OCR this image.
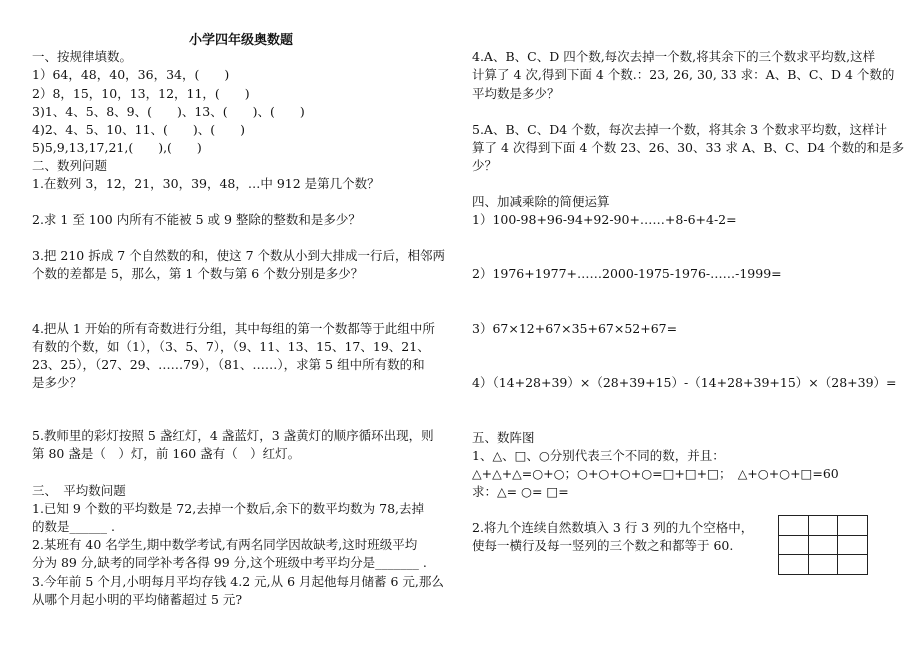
小学四年级奥数题
一、按规律填数。
1）64，48，40，36，34，(　　)
2）8，15，10，13，12，11，(　　)
3)1、4、5、8、9、(　　)、13、(　　)、(　　)
4)2、4、5、10、11、(　　)、(　　)
5)5,9,13,17,21,(　　),(　　)
二、数列问题
1.在数列 3，12，21，30，39，48，…中 912 是第几个数？
2.求 1 至 100 内所有不能被 5 或 9 整除的整数和是多少？
3.把 210 拆成 7 个自然数的和，使这 7 个数从小到大排成一行后，相邻两
个数的差都是 5，那么，第 1 个数与第 6 个数分别是多少？
4.把从 1 开始的所有奇数进行分组，其中每组的第一个数都等于此组中所
有数的个数，如（1），（3、5、7），（9、11、13、15、17、19、21、
23、25），（27、29、……79），（81、……），求第 5 组中所有数的和
是多少？
5.教师里的彩灯按照 5 盏红灯，4 盏蓝灯，3 盏黄灯的顺序循环出现，则
第 80 盏是（　）灯，前 160 盏有（　）红灯。
三、　平均数问题
1.已知 9 个数的平均数是 72,去掉一个数后,余下的数平均数为 78,去掉
的数是______ .
2.某班有 40 名学生,期中数学考试,有两名同学因故缺考,这时班级平均
分为 89 分,缺考的同学补考各得 99 分,这个班级中考平均分是_______ .
3.今年前 5 个月,小明每月平均存钱 4.2 元,从 6 月起他每月储蓄 6 元,那么
从哪个月起小明的平均储蓄超过 5 元?
4.A、B、C、D 四个数,每次去掉一个数,将其余下的三个数求平均数,这样
计算了 4 次,得到下面 4 个数.：23, 26, 30, 33 求：A、B、C、D 4 个数的
平均数是多少？
5.A、B、C、D4 个数，每次去掉一个数，将其余 3 个数求平均数，这样计
算了 4 次得到下面 4 个数 23、26、30、33 求 A、B、C、D4 个数的和是多
少？
四、加减乘除的简便运算
1）100-98+96-94+92-90+……+8-6+4-2=
2）1976+1977+……2000-1975-1976-……-1999=
3）67×12+67×35+67×52+67=
4）（14+28+39）×（28+39+15）-（14+28+39+15）×（28+39）=
五、数阵图
1、△、□、○分别代表三个不同的数，并且：
△+△+△=○+○；○+○+○+○=□+□+□；　△+○+○+□=60
求：△= ○= □=
2.将九个连续自然数填入 3 行 3 列的九个空格中，
使每一横行及每一竖列的三个数之和都等于 60.
